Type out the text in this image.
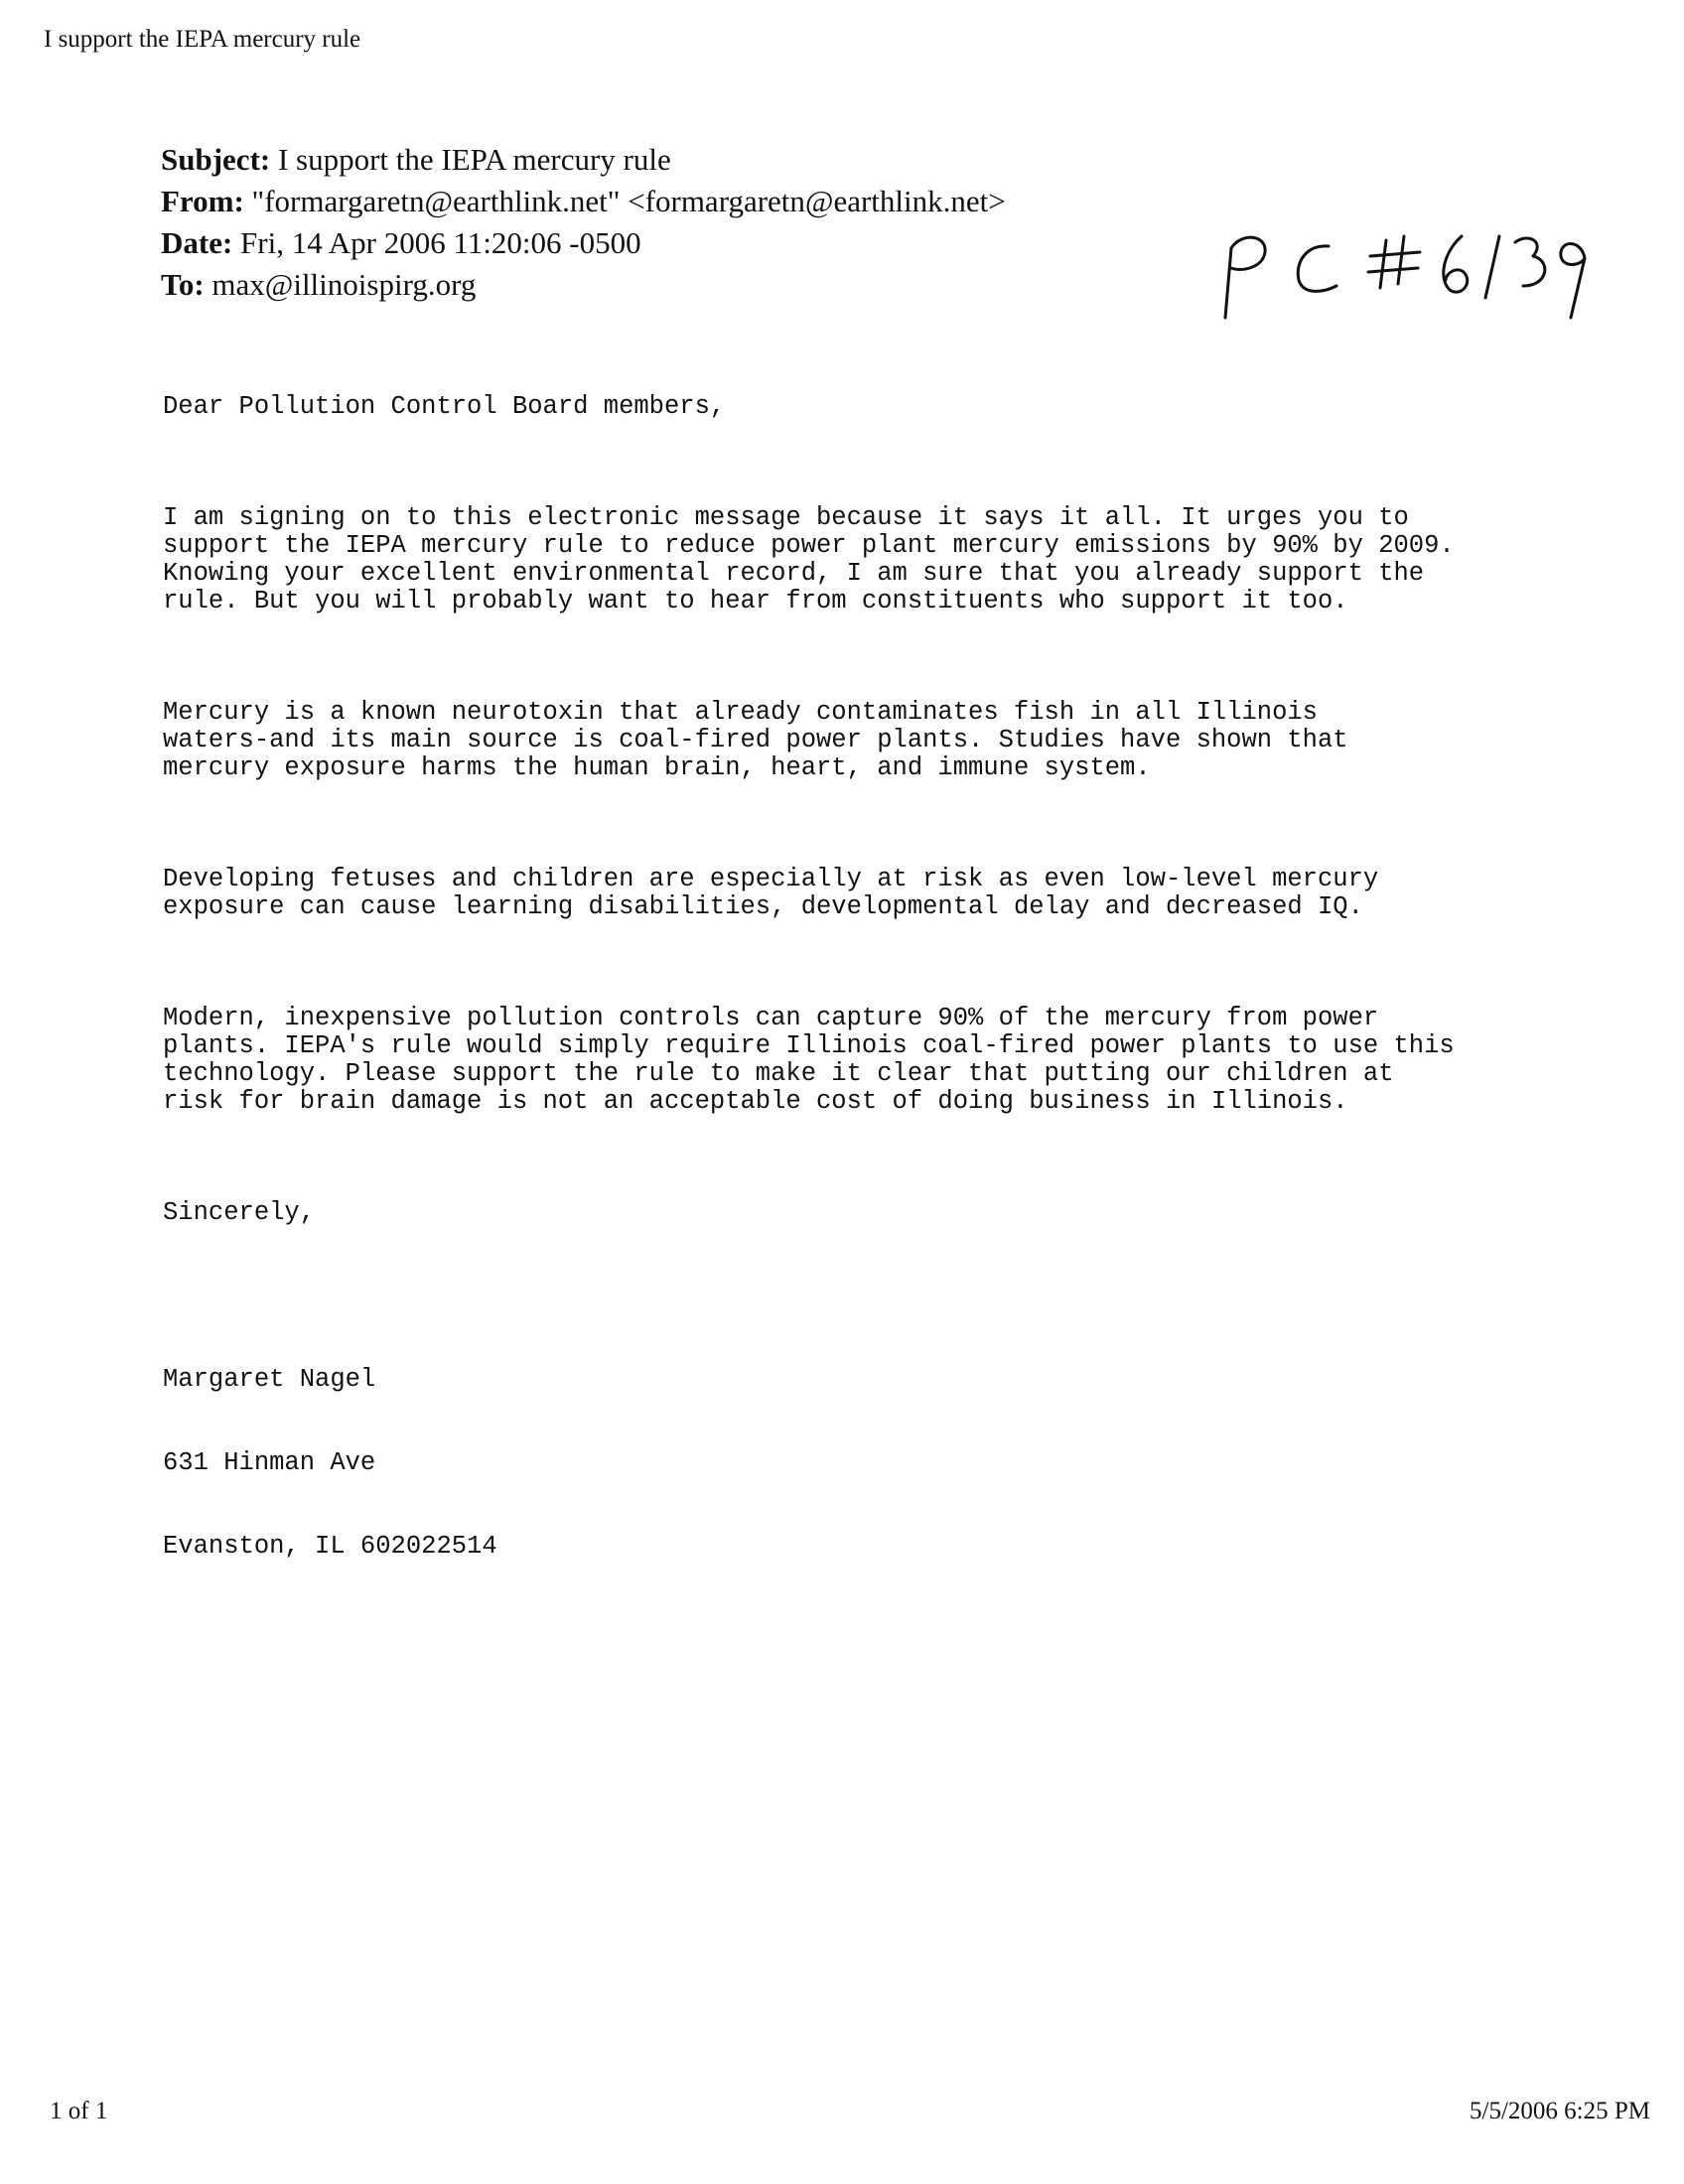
I support the IEPA mercury rule
Subject: I support the IEPA mercury rule
From: "formargaretn@earthlink.net" <formargaretn@earthlink.net>
Date: Fri, 14 Apr 2006 11:20:06 -0500
To: max@illinoispirg.org

Dear Pollution Control Board members,

I am signing on to this electronic message because it says it all. It urges you to
support the IEPA mercury rule to reduce power plant mercury emissions by 90% by 2009.
Knowing your excellent environmental record, I am sure that you already support the
rule. But you will probably want to hear from constituents who support it too.

Mercury is a known neurotoxin that already contaminates fish in all Illinois
waters-and its main source is coal-fired power plants. Studies have shown that
mercury exposure harms the human brain, heart, and immune system.

Developing fetuses and children are especially at risk as even low-level mercury
exposure can cause learning disabilities, developmental delay and decreased IQ.

Modern, inexpensive pollution controls can capture 90% of the mercury from power
plants. IEPA's rule would simply require Illinois coal-fired power plants to use this
technology. Please support the rule to make it clear that putting our children at
risk for brain damage is not an acceptable cost of doing business in Illinois.

Sincerely,

Margaret Nagel

631 Hinman Ave

Evanston, IL 602022514

1 of 1	5/5/2006 6:25 PM
